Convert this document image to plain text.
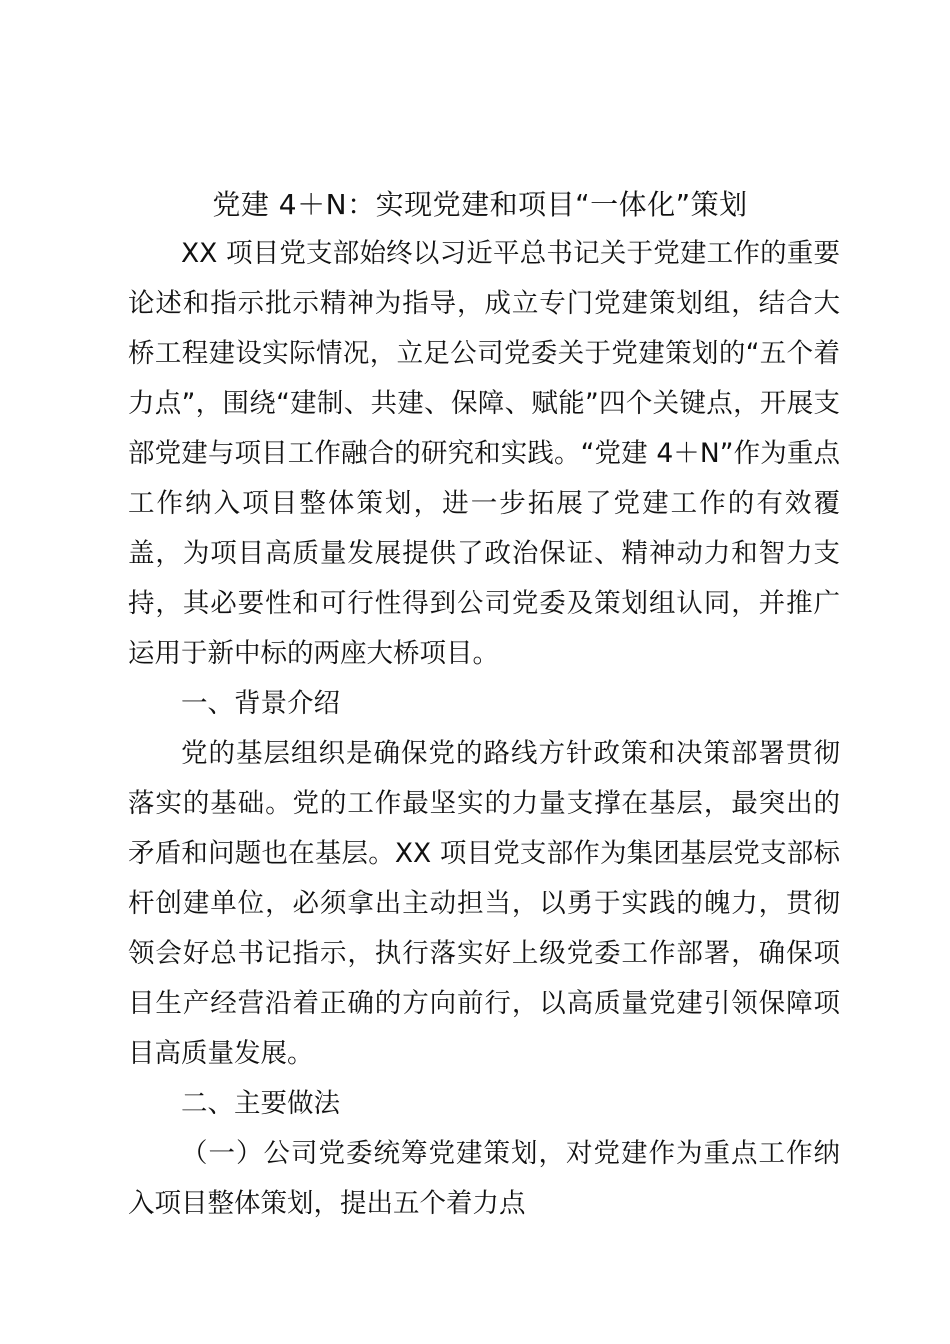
党建 4＋N：实现党建和项目“一体化”策划

XX 项目党支部始终以习近平总书记关于党建工作的重要论述和指示批示精神为指导，成立专门党建策划组，结合大桥工程建设实际情况，立足公司党委关于党建策划的“五个着力点”，围绕“建制、共建、保障、赋能”四个关键点，开展支部党建与项目工作融合的研究和实践。“党建 4＋N”作为重点工作纳入项目整体策划，进一步拓展了党建工作的有效覆盖，为项目高质量发展提供了政治保证、精神动力和智力支持，其必要性和可行性得到公司党委及策划组认同，并推广运用于新中标的两座大桥项目。

一、背景介绍

党的基层组织是确保党的路线方针政策和决策部署贯彻落实的基础。党的工作最坚实的力量支撑在基层，最突出的矛盾和问题也在基层。XX 项目党支部作为集团基层党支部标杆创建单位，必须拿出主动担当，以勇于实践的魄力，贯彻领会好总书记指示，执行落实好上级党委工作部署，确保项目生产经营沿着正确的方向前行，以高质量党建引领保障项目高质量发展。

二、主要做法

（一）公司党委统筹党建策划，对党建作为重点工作纳入项目整体策划，提出五个着力点
